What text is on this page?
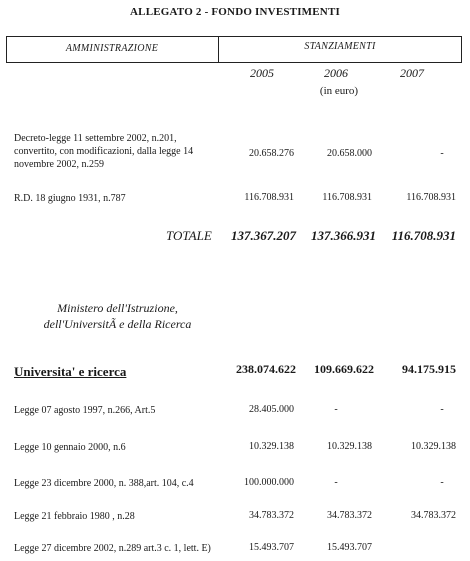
ALLEGATO 2 - FONDO INVESTIMENTI
AMMINISTRAZIONE	STANZIAMENTI
2005	2006	2007
(in euro)
Decreto-legge 11 settembre 2002, n.201,
convertito, con modificazioni, dalla legge 14
novembre 2002, n.259
20.658.276	20.658.000	-
R.D. 18 giugno 1931, n.787	116.708.931	116.708.931	116.708.931
TOTALE	137.367.207	137.366.931	116.708.931
Ministero dell'Istruzione,
dell'UniversitÃ e della Ricerca
Universita' e ricerca	238.074.622	109.669.622	94.175.915
Legge 07 agosto 1997, n.266, Art.5	28.405.000	-	-
Legge 10 gennaio 2000, n.6	10.329.138	10.329.138	10.329.138
Legge 23 dicembre 2000, n. 388,art. 104, c.4	100.000.000	-	-
Legge 21 febbraio 1980 , n.28	34.783.372	34.783.372	34.783.372
Legge 27 dicembre 2002, n.289 art.3 c. 1, lett. E)	15.493.707	15.493.707
